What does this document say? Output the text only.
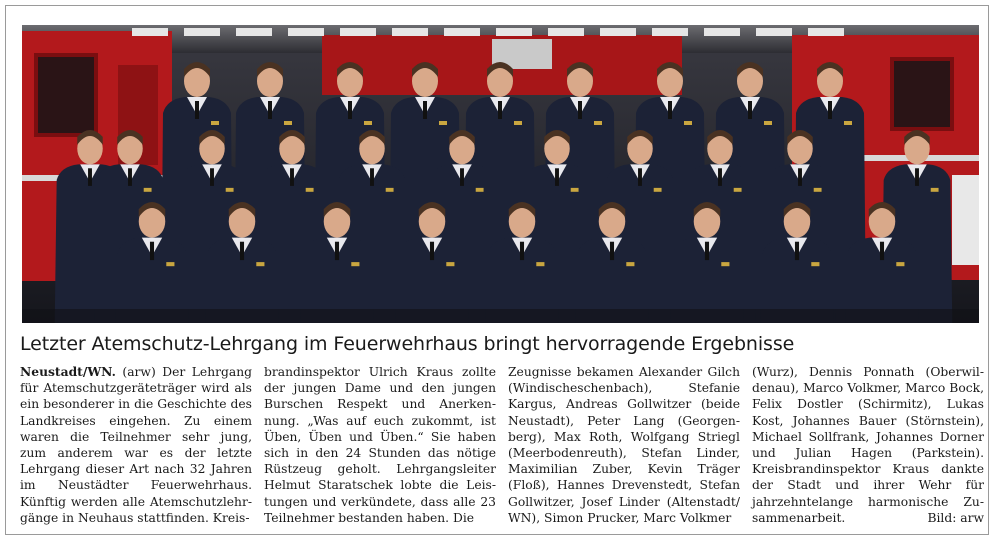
Letzter Atemschutz-Lehrgang im Feuerwehrhaus bringt hervorragende Ergebnisse
Neustadt/WN. (arw) Der Lehrgang für Atemschutzgeräteträger wird als ein besonderer in die Geschichte des Landkreises eingehen. Zu einem waren die Teilnehmer sehr jung, zum anderem war es der letzte Lehrgang dieser Art nach 32 Jahren im Neustädter Feuerwehrhaus. Künftig werden alle Atemschutzlehrgänge in Neuhaus stattfinden. Kreis-
brandinspektor Ulrich Kraus zollte der jungen Dame und den jungen Burschen Respekt und Anerkennung. „Was auf euch zukommt, ist Üben, Üben und Üben.“ Sie haben sich in den 24 Stunden das nötige Rüstzeug geholt. Lehrgangsleiter Helmut Staratschek lobte die Leistungen und verkündete, dass alle 23 Teilnehmer bestanden haben. Die
Zeugnisse bekamen Alexander Gilch (Windischeschenbach), Stefanie Kargus, Andreas Gollwitzer (beide Neustadt), Peter Lang (Georgenberg), Max Roth, Wolfgang Striegl (Meerbodenreuth), Stefan Linder, Maximilian Zuber, Kevin Träger (Floß), Hannes Drevenstedt, Stefan Gollwitzer, Josef Linder (Altenstadt/ WN), Simon Prucker, Marc Volkmer
(Wurz), Dennis Ponnath (Oberwildenau), Marco Volkmer, Marco Bock, Felix Dostler (Schirmitz), Lukas Kost, Johannes Bauer (Störnstein), Michael Sollfrank, Johannes Dorner und Julian Hagen (Parkstein). Kreisbrandinspektor Kraus dankte der Stadt und ihrer Wehr für jahrzehntelange harmonische Zusammenarbeit.	Bild: arw
